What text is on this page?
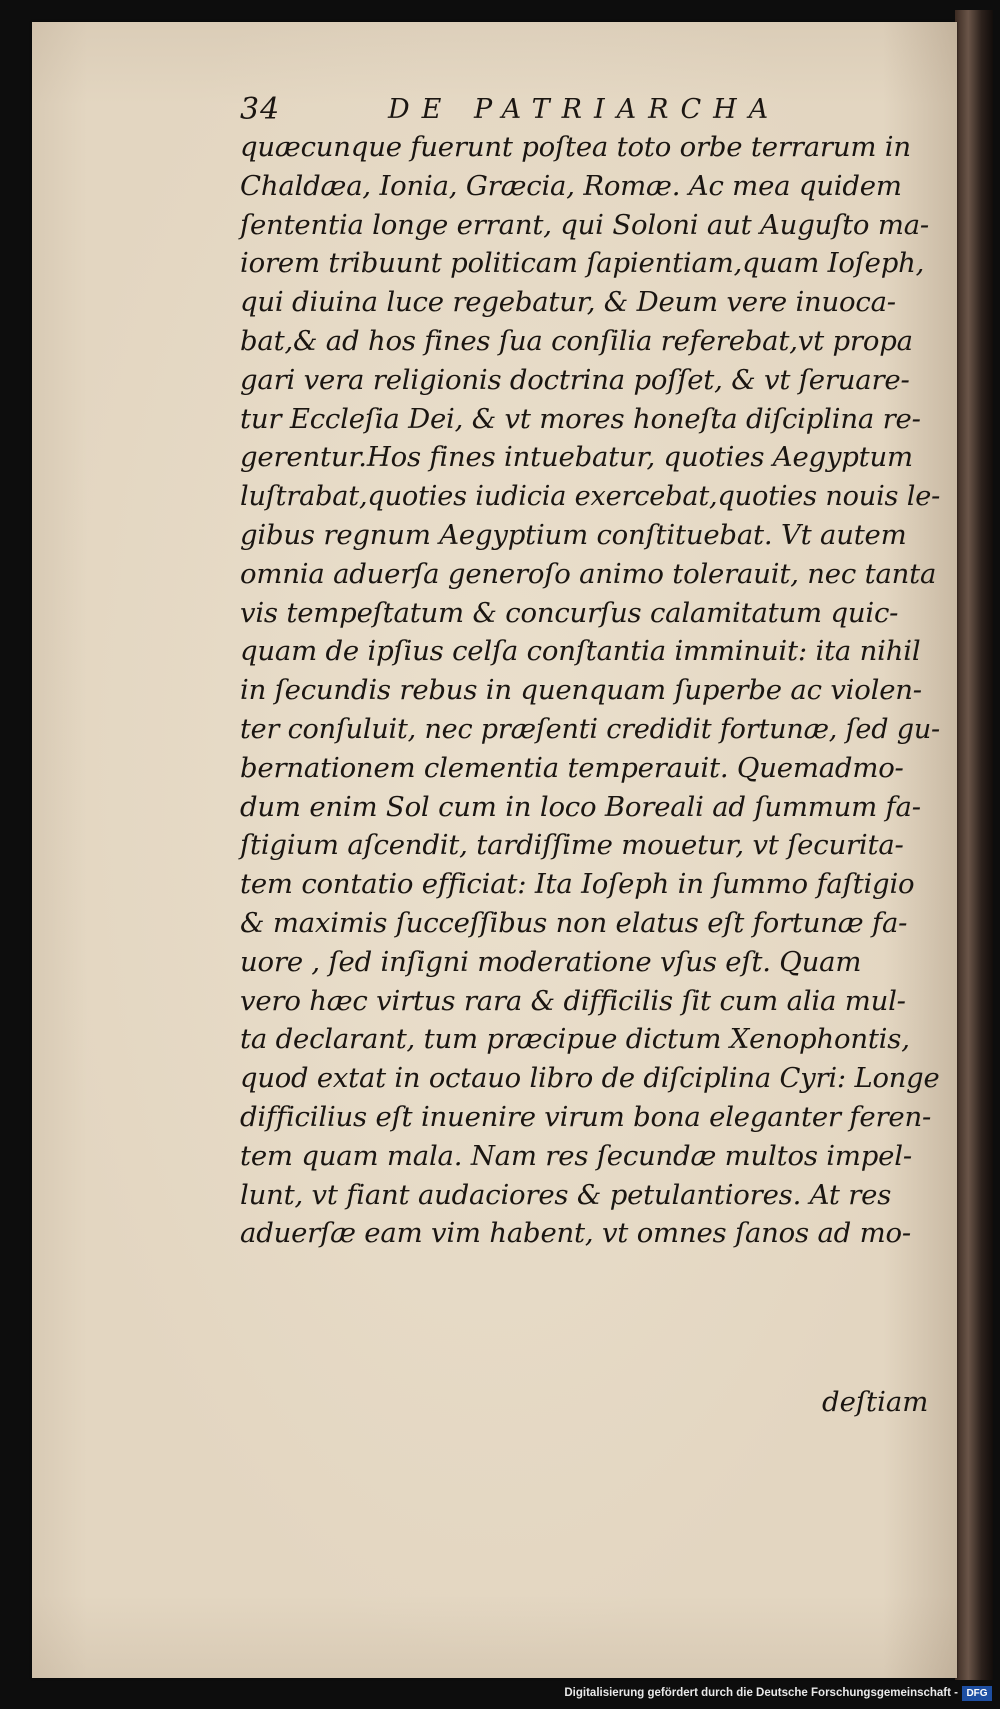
34	DE PATRIARCHA
quæcunque fuerunt poſtea toto orbe terrarum in
Chaldæa, Ionia, Græcia, Romæ. Ac mea quidem
ſententia longe errant, qui Soloni aut Auguſto ma-
iorem tribuunt politicam ſapientiam,quam Ioſeph,
qui diuina luce regebatur, & Deum vere inuoca-
bat,& ad hos fines ſua conſilia referebat,vt propa
gari vera religionis doctrina poſſet, & vt ſeruare-
tur Eccleſia Dei, & vt mores honeſta diſciplina re-
gerentur.Hos fines intuebatur, quoties Aegyptum
luſtrabat,quoties iudicia exercebat,quoties nouis le-
gibus regnum Aegyptium conſtituebat. Vt autem
omnia aduerſa generoſo animo tolerauit, nec tanta
vis tempeſtatum & concurſus calamitatum quic-
quam de ipſius celſa conſtantia imminuit: ita nihil
in ſecundis rebus in quenquam ſuperbe ac violen-
ter conſuluit, nec præſenti credidit fortunæ, ſed gu-
bernationem clementia temperauit. Quemadmo-
dum enim Sol cum in loco Boreali ad ſummum fa-
ſtigium aſcendit, tardiſſime mouetur, vt ſecurita-
tem contatio efficiat: Ita Ioſeph in ſummo faſtigio
& maximis ſucceſſibus non elatus eſt fortunæ fa-
uore , ſed inſigni moderatione vſus eſt. Quam
vero hæc virtus rara & difficilis ſit cum alia mul-
ta declarant, tum præcipue dictum Xenophontis,
quod extat in octauo libro de diſciplina Cyri: Longe
difficilius eſt inuenire virum bona eleganter feren-
tem quam mala. Nam res ſecundæ multos impel-
lunt, vt fiant audaciores & petulantiores. At res
aduerſæ eam vim habent, vt omnes ſanos ad mo-
deſtiam
Digitalisierung gefördert durch die Deutsche Forschungsgemeinschaft - DFG
